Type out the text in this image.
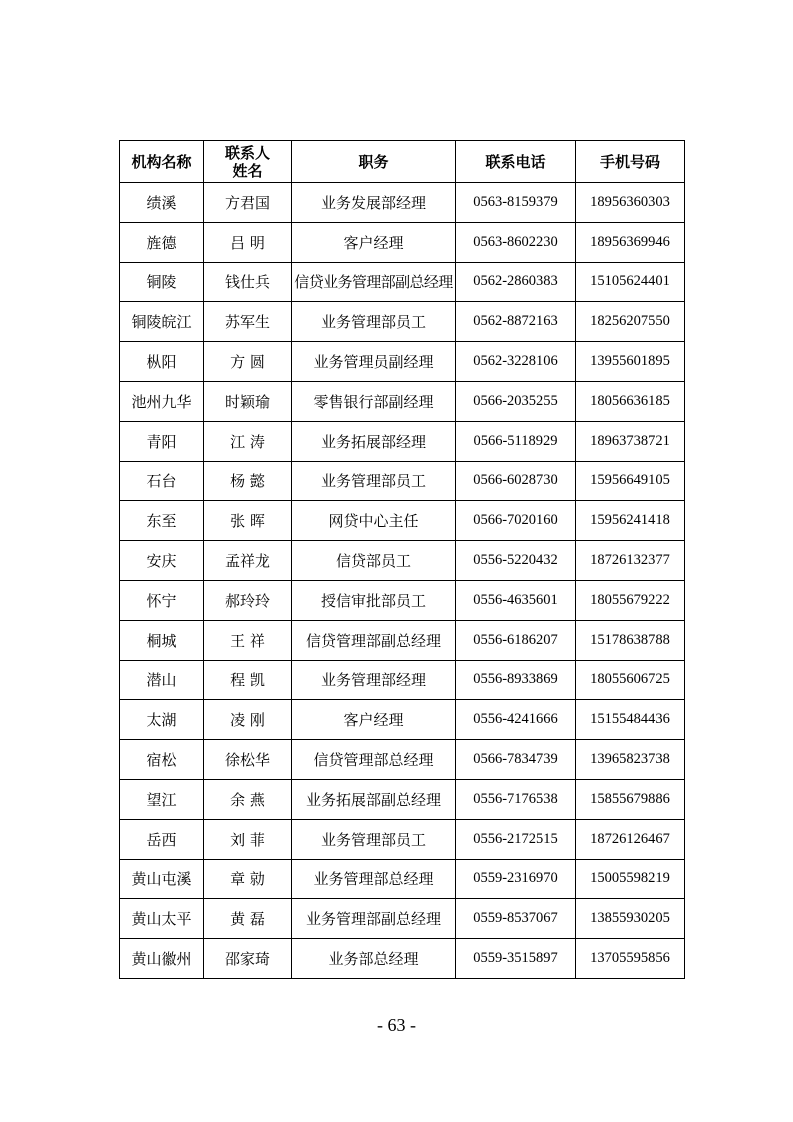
机构名称	联系人姓名	职务	联系电话	手机号码
绩溪	方君国	业务发展部经理	0563-8159379	18956360303
旌德	吕 明	客户经理	0563-8602230	18956369946
铜陵	钱仕兵	信贷业务管理部副总经理	0562-2860383	15105624401
铜陵皖江	苏军生	业务管理部员工	0562-8872163	18256207550
枞阳	方 圆	业务管理员副经理	0562-3228106	13955601895
池州九华	时颖瑜	零售银行部副经理	0566-2035255	18056636185
青阳	江 涛	业务拓展部经理	0566-5118929	18963738721
石台	杨 懿	业务管理部员工	0566-6028730	15956649105
东至	张 晖	网贷中心主任	0566-7020160	15956241418
安庆	孟祥龙	信贷部员工	0556-5220432	18726132377
怀宁	郝玲玲	授信审批部员工	0556-4635601	18055679222
桐城	王 祥	信贷管理部副总经理	0556-6186207	15178638788
潜山	程 凯	业务管理部经理	0556-8933869	18055606725
太湖	凌 刚	客户经理	0556-4241666	15155484436
宿松	徐松华	信贷管理部总经理	0566-7834739	13965823738
望江	余 燕	业务拓展部副总经理	0556-7176538	15855679886
岳西	刘 菲	业务管理部员工	0556-2172515	18726126467
黄山屯溪	章 勍	业务管理部总经理	0559-2316970	15005598219
黄山太平	黄 磊	业务管理部副总经理	0559-8537067	13855930205
黄山徽州	邵家琦	业务部总经理	0559-3515897	13705595856
- 63 -
